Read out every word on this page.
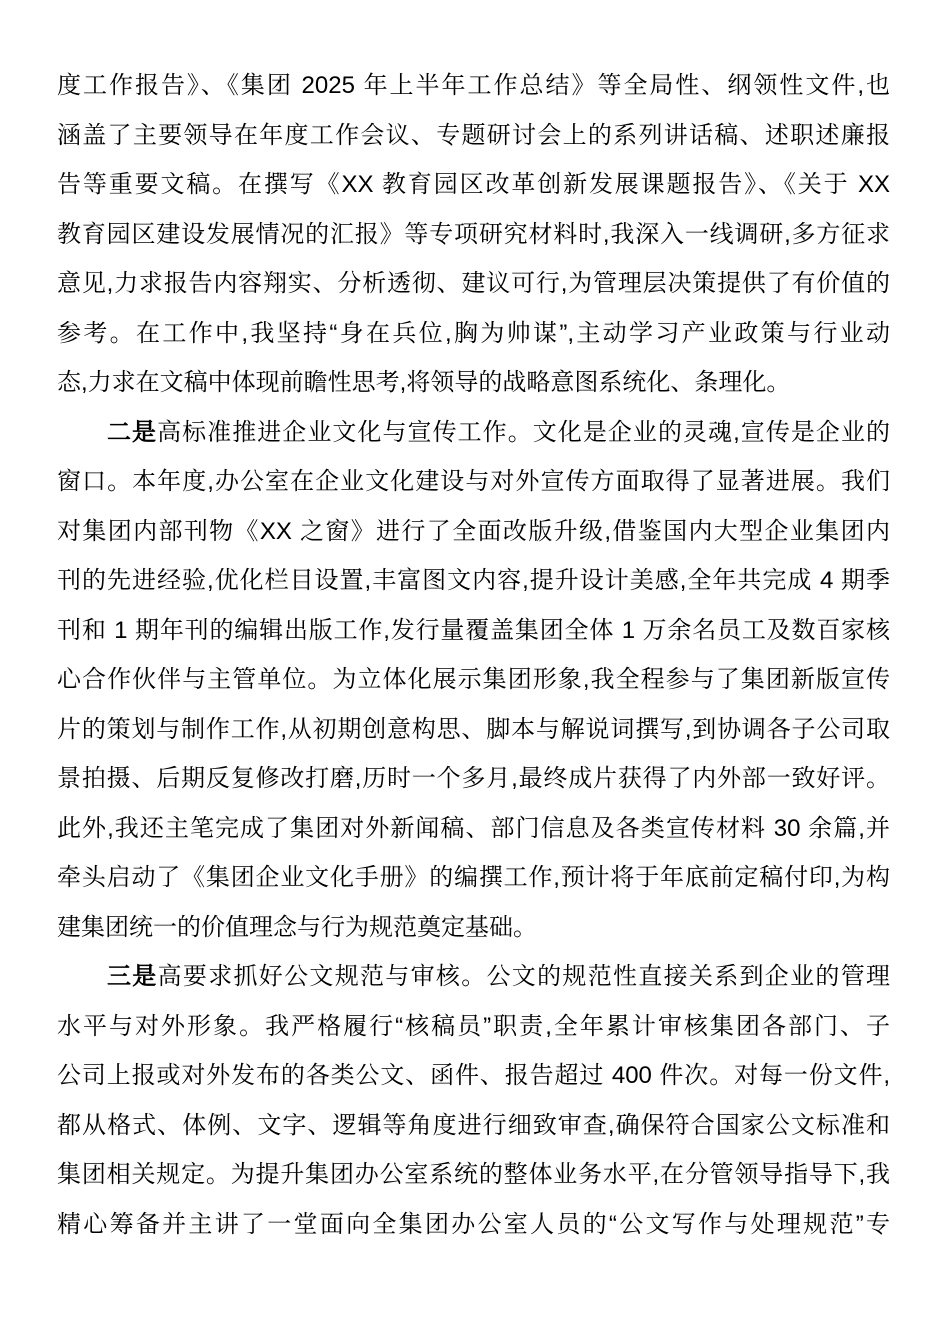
度工作报告》、《集团 2025 年上半年工作总结》等全局性、纲领性文件,也
涵盖了主要领导在年度工作会议、专题研讨会上的系列讲话稿、述职述廉报
告等重要文稿。在撰写《XX 教育园区改革创新发展课题报告》、《关于 XX
教育园区建设发展情况的汇报》等专项研究材料时,我深入一线调研,多方征求
意见,力求报告内容翔实、分析透彻、建议可行,为管理层决策提供了有价值的
参考。在工作中,我坚持“身在兵位,胸为帅谋”,主动学习产业政策与行业动
态,力求在文稿中体现前瞻性思考,将领导的战略意图系统化、条理化。
二是高标准推进企业文化与宣传工作。文化是企业的灵魂,宣传是企业的
窗口。本年度,办公室在企业文化建设与对外宣传方面取得了显著进展。我们
对集团内部刊物《XX 之窗》进行了全面改版升级,借鉴国内大型企业集团内
刊的先进经验,优化栏目设置,丰富图文内容,提升设计美感,全年共完成 4 期季
刊和 1 期年刊的编辑出版工作,发行量覆盖集团全体 1 万余名员工及数百家核
心合作伙伴与主管单位。为立体化展示集团形象,我全程参与了集团新版宣传
片的策划与制作工作,从初期创意构思、脚本与解说词撰写,到协调各子公司取
景拍摄、后期反复修改打磨,历时一个多月,最终成片获得了内外部一致好评。
此外,我还主笔完成了集团对外新闻稿、部门信息及各类宣传材料 30 余篇,并
牵头启动了《集团企业文化手册》的编撰工作,预计将于年底前定稿付印,为构
建集团统一的价值理念与行为规范奠定基础。
三是高要求抓好公文规范与审核。公文的规范性直接关系到企业的管理
水平与对外形象。我严格履行“核稿员”职责,全年累计审核集团各部门、子
公司上报或对外发布的各类公文、函件、报告超过 400 件次。对每一份文件,
都从格式、体例、文字、逻辑等角度进行细致审查,确保符合国家公文标准和
集团相关规定。为提升集团办公室系统的整体业务水平,在分管领导指导下,我
精心筹备并主讲了一堂面向全集团办公室人员的“公文写作与处理规范”专
